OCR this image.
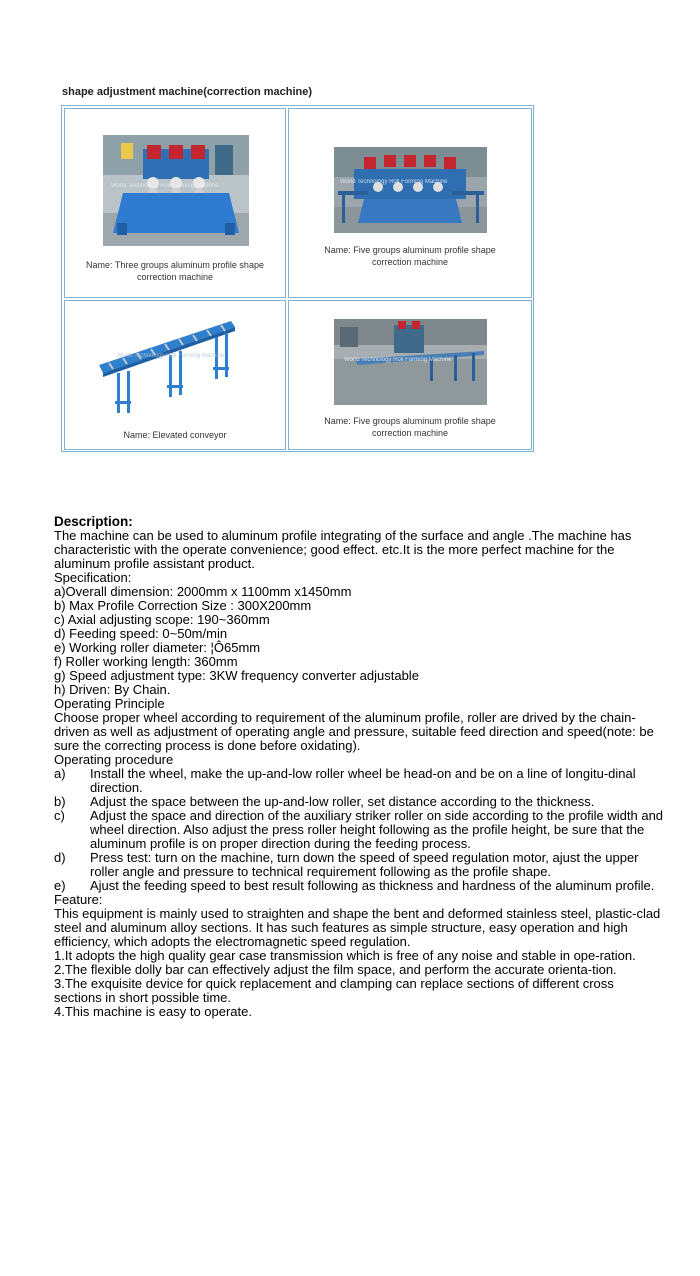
shape adjustment machine(correction machine)
World Technology Roll Forming Machine
Name: Three groups aluminum profile shape
correction machine
World Technology Roll Forming Machine
Name: Five groups aluminum profile shape
correction machine
World Technology Roll Forming Machine
Name: Elevated conveyor
World Technology Roll Forming Machine
Name: Five groups aluminum profile shape
correction machine

Description:

The machine can be used to aluminum profile integrating of the surface and angle .The machine has characteristic with the operate convenience; good effect. etc.It is the more perfect machine for the aluminum profile assistant product.

Specification:

a)Overall dimension: 2000mm x 1100mm x1450mm

b) Max Profile Correction Size : 300X200mm

c) Axial adjusting scope: 190~360mm

d) Feeding speed: 0~50m/min

e) Working roller diameter: ¦Ô65mm

f) Roller working length: 360mm

g) Speed adjustment type: 3KW frequency converter adjustable

h) Driven: By Chain.

Operating Principle

Choose proper wheel according to requirement of the aluminum profile, roller are drived by the chain-driven as well as adjustment of operating angle and pressure, suitable feed direction and speed(note: be sure the correcting process is done before oxidating).

Operating procedure

a)	Install the wheel, make the up-and-low roller wheel be head-on and be on a line of longitu-dinal direction.
b)	Adjust the space between the up-and-low roller, set distance according to the thickness.
c)	Adjust the space and direction of the auxiliary striker roller on side according to the profile width and wheel direction. Also adjust the press roller height following as the profile height, be sure that the aluminum profile is on proper direction during the feeding process.
d)	Press test: turn on the machine, turn down the speed of speed regulation motor, ajust the upper roller angle and pressure to technical requirement following as the profile shape.
e)	Ajust the feeding speed to best result following as thickness and hardness of the aluminum profile.

Feature:

This equipment is mainly used to straighten and shape the bent and deformed stainless steel, plastic-clad steel and aluminum alloy sections. It has such features as simple structure, easy operation and high efficiency, which adopts the electromagnetic speed regulation.

1.It adopts the high quality gear case transmission which is free of any noise and stable in ope-ration.

2.The flexible dolly bar can effectively adjust the film space, and perform the accurate orienta-tion.

3.The exquisite device for quick replacement and clamping can replace sections of different cross sections in short possible time.

4.This machine is easy to operate.
